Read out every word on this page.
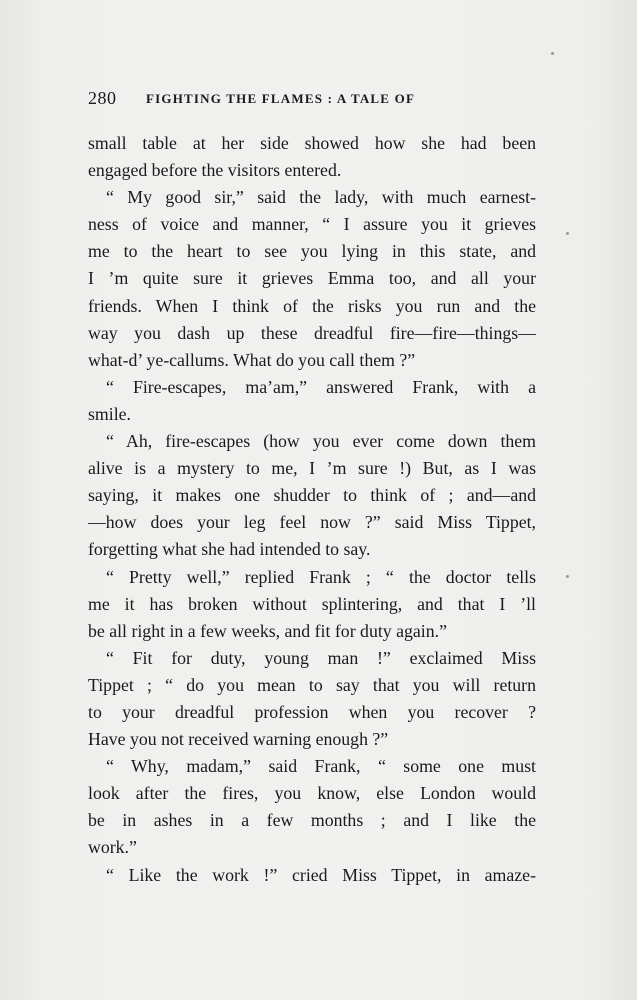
280 FIGHTING THE FLAMES : A TALE OF
small table at her side showed how she had been
engaged before the visitors entered.
“ My good sir,” said the lady, with much earnest-
ness of voice and manner, “ I assure you it grieves
me to the heart to see you lying in this state, and
I ’m quite sure it grieves Emma too, and all your
friends. When I think of the risks you run and the
way you dash up these dreadful fire—fire—things—
what-d’ ye-callums. What do you call them ?”
“ Fire-escapes, ma’am,” answered Frank, with a
smile.
“ Ah, fire-escapes (how you ever come down them
alive is a mystery to me, I ’m sure !) But, as I was
saying, it makes one shudder to think of ; and—and
—how does your leg feel now ?” said Miss Tippet,
forgetting what she had intended to say.
“ Pretty well,” replied Frank ; “ the doctor tells
me it has broken without splintering, and that I ’ll
be all right in a few weeks, and fit for duty again.”
“ Fit for duty, young man !” exclaimed Miss
Tippet ; “ do you mean to say that you will return
to your dreadful profession when you recover ?
Have you not received warning enough ?”
“ Why, madam,” said Frank, “ some one must
look after the fires, you know, else London would
be in ashes in a few months ; and I like the
work.”
“ Like the work !” cried Miss Tippet, in amaze-
